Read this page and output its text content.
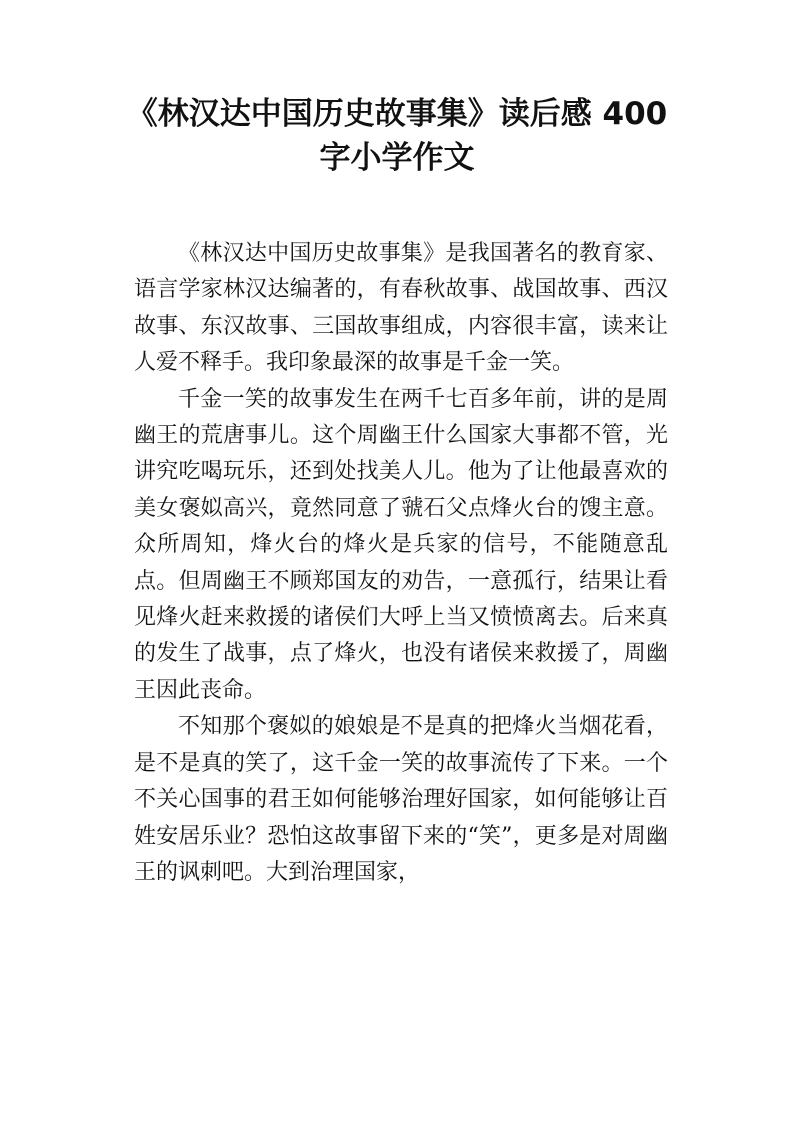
《林汉达中国历史故事集》读后感 400
字小学作文

《林汉达中国历史故事集》是我国著名的教育家、语言学家林汉达编著的，有春秋故事、战国故事、西汉故事、东汉故事、三国故事组成，内容很丰富，读来让人爱不释手。我印象最深的故事是千金一笑。

千金一笑的故事发生在两千七百多年前，讲的是周幽王的荒唐事儿。这个周幽王什么国家大事都不管，光讲究吃喝玩乐，还到处找美人儿。他为了让他最喜欢的美女褒姒高兴，竟然同意了虢石父点烽火台的馊主意。众所周知，烽火台的烽火是兵家的信号，不能随意乱点。但周幽王不顾郑国友的劝告，一意孤行，结果让看见烽火赶来救援的诸侯们大呼上当又愤愤离去。后来真的发生了战事，点了烽火，也没有诸侯来救援了，周幽王因此丧命。

不知那个褒姒的娘娘是不是真的把烽火当烟花看，是不是真的笑了，这千金一笑的故事流传了下来。一个不关心国事的君王如何能够治理好国家，如何能够让百姓安居乐业？恐怕这故事留下来的“笑”，更多是对周幽王的讽刺吧。大到治理国家，
